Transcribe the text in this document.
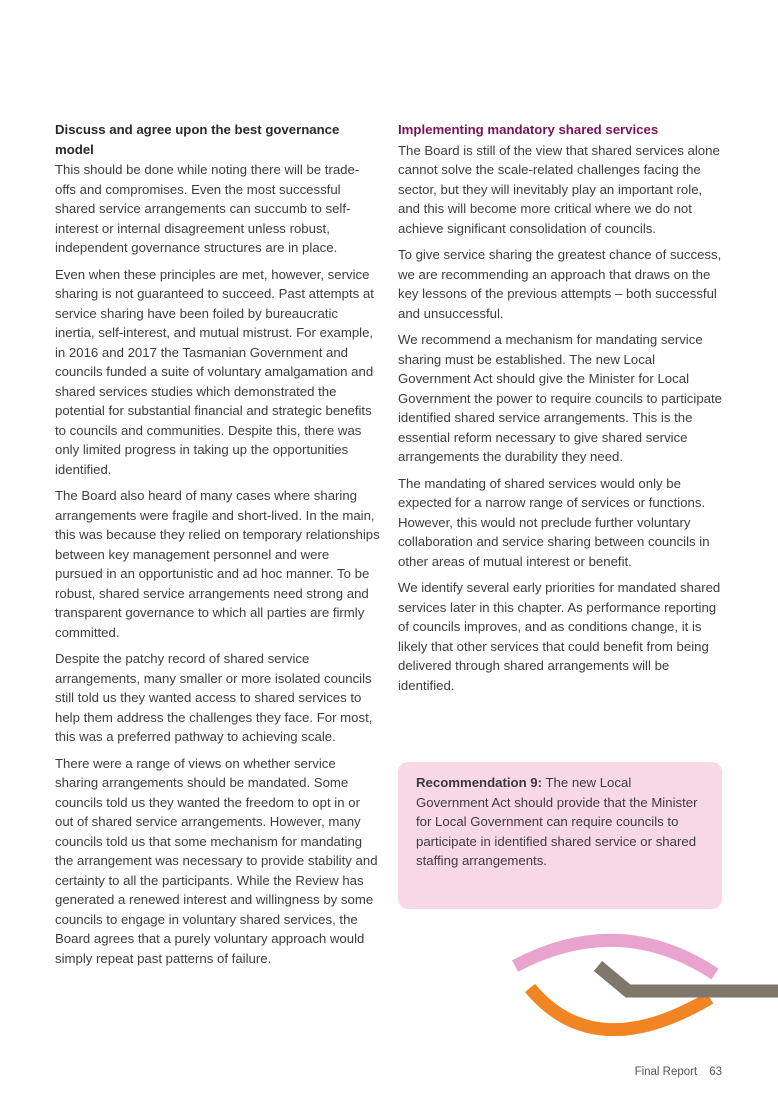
Discuss and agree upon the best governance model

This should be done while noting there will be trade-offs and compromises. Even the most successful shared service arrangements can succumb to self-interest or internal disagreement unless robust, independent governance structures are in place.

Even when these principles are met, however, service sharing is not guaranteed to succeed. Past attempts at service sharing have been foiled by bureaucratic inertia, self-interest, and mutual mistrust. For example, in 2016 and 2017 the Tasmanian Government and councils funded a suite of voluntary amalgamation and shared services studies which demonstrated the potential for substantial financial and strategic benefits to councils and communities. Despite this, there was only limited progress in taking up the opportunities identified.

The Board also heard of many cases where sharing arrangements were fragile and short-lived. In the main, this was because they relied on temporary relationships between key management personnel and were pursued in an opportunistic and ad hoc manner. To be robust, shared service arrangements need strong and transparent governance to which all parties are firmly committed.

Despite the patchy record of shared service arrangements, many smaller or more isolated councils still told us they wanted access to shared services to help them address the challenges they face. For most, this was a preferred pathway to achieving scale.

There were a range of views on whether service sharing arrangements should be mandated. Some councils told us they wanted the freedom to opt in or out of shared service arrangements. However, many councils told us that some mechanism for mandating the arrangement was necessary to provide stability and certainty to all the participants. While the Review has generated a renewed interest and willingness by some councils to engage in voluntary shared services, the Board agrees that a purely voluntary approach would simply repeat past patterns of failure.

Implementing mandatory shared services

The Board is still of the view that shared services alone cannot solve the scale-related challenges facing the sector, but they will inevitably play an important role, and this will become more critical where we do not achieve significant consolidation of councils.

To give service sharing the greatest chance of success, we are recommending an approach that draws on the key lessons of the previous attempts – both successful and unsuccessful.

We recommend a mechanism for mandating service sharing must be established. The new Local Government Act should give the Minister for Local Government the power to require councils to participate identified shared service arrangements. This is the essential reform necessary to give shared service arrangements the durability they need.

The mandating of shared services would only be expected for a narrow range of services or functions. However, this would not preclude further voluntary collaboration and service sharing between councils in other areas of mutual interest or benefit.

We identify several early priorities for mandated shared services later in this chapter. As performance reporting of councils improves, and as conditions change, it is likely that other services that could benefit from being delivered through shared arrangements will be identified.

Recommendation 9: The new Local Government Act should provide that the Minister for Local Government can require councils to participate in identified shared service or shared staffing arrangements.
Final Report 63
